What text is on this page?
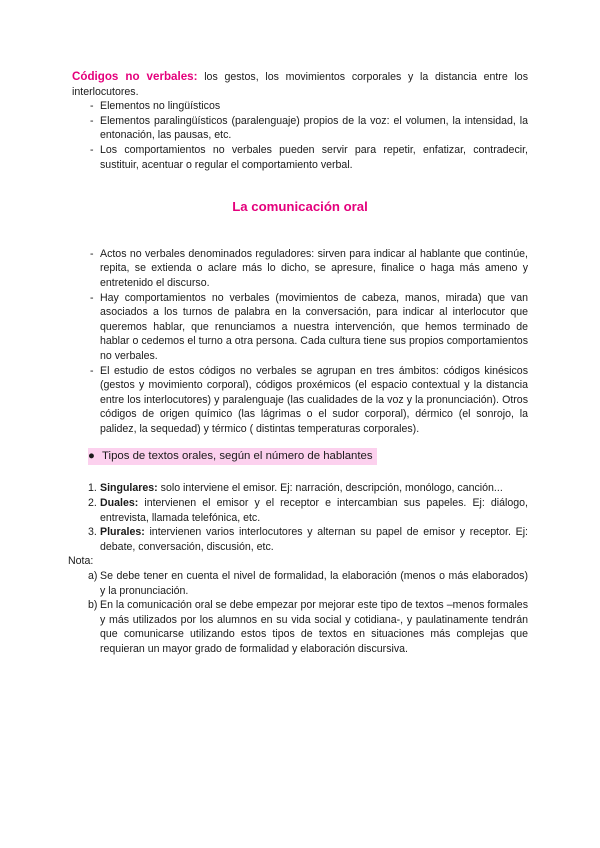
Códigos no verbales: los gestos, los movimientos corporales y la distancia entre los interlocutores.

- Elementos no lingüísticos
- Elementos paralingüísticos (paralenguaje) propios de la voz: el volumen, la intensidad, la entonación, las pausas, etc.
- Los comportamientos no verbales pueden servir para repetir, enfatizar, contradecir, sustituir, acentuar o regular el comportamiento verbal.
La comunicación oral
- Actos no verbales denominados reguladores: sirven para indicar al hablante que continúe, repita, se extienda o aclare más lo dicho, se apresure, finalice o haga más ameno y entretenido el discurso.
- Hay comportamientos no verbales (movimientos de cabeza, manos, mirada) que van asociados a los turnos de palabra en la conversación, para indicar al interlocutor que queremos hablar, que renunciamos a nuestra intervención, que hemos terminado de hablar o cedemos el turno a otra persona. Cada cultura tiene sus propios comportamientos no verbales.
- El estudio de estos códigos no verbales se agrupan en tres ámbitos: códigos kinésicos (gestos y movimiento corporal), códigos proxémicos (el espacio contextual y la distancia entre los interlocutores) y paralenguaje (las cualidades de la voz y la pronunciación). Otros códigos de origen químico (las lágrimas o el sudor corporal), dérmico (el sonrojo, la palidez, la sequedad) y térmico ( distintas temperaturas corporales).
● Tipos de textos orales, según el número de hablantes
1. Singulares: solo interviene el emisor. Ej: narración, descripción, monólogo, canción...
2. Duales: intervienen el emisor y el receptor e intercambian sus papeles. Ej: diálogo, entrevista, llamada telefónica, etc.
3. Plurales: intervienen varios interlocutores y alternan su papel de emisor y receptor. Ej: debate, conversación, discusión, etc.
Nota:
a) Se debe tener en cuenta el nivel de formalidad, la elaboración (menos o más elaborados) y la pronunciación.
b) En la comunicación oral se debe empezar por mejorar este tipo de textos –menos formales y más utilizados por los alumnos en su vida social y cotidiana-, y paulatinamente tendrán que comunicarse utilizando estos tipos de textos en situaciones más complejas que requieran un mayor grado de formalidad y elaboración discursiva.
